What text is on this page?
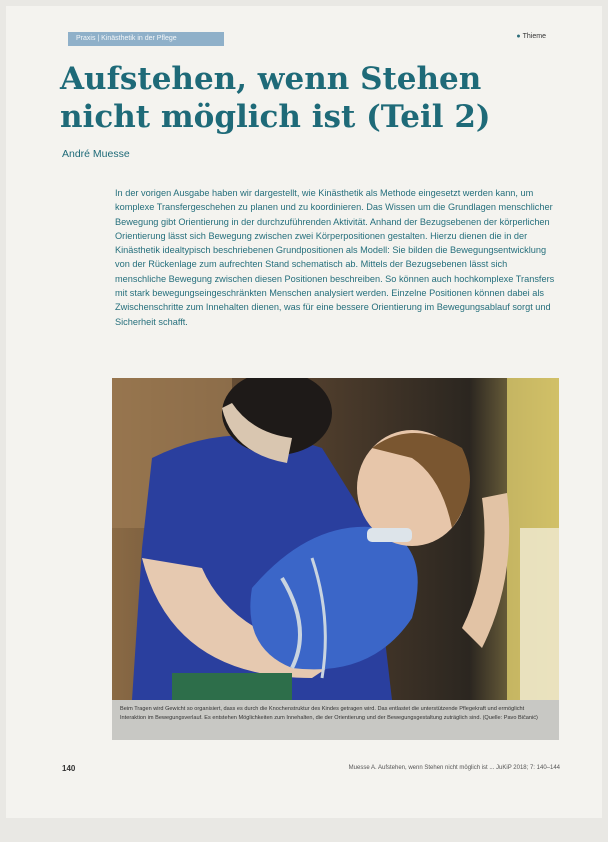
Praxis | Kinästhetik in der Pflege	● Thieme
Aufstehen, wenn Stehen nicht möglich ist (Teil 2)
André Muesse

In der vorigen Ausgabe haben wir dargestellt, wie Kinästhetik als Methode eingesetzt werden kann, um komplexe Transfergeschehen zu planen und zu koordinieren. Das Wissen um die Grundlagen menschlicher Bewegung gibt Orientierung in der durchzuführenden Aktivität. Anhand der Bezugsebenen der körperlichen Orientierung lässt sich Bewegung zwischen zwei Körperpositionen gestalten. Hierzu dienen die in der Kinästhetik idealtypisch beschriebenen Grundpositionen als Modell: Sie bilden die Bewegungsentwicklung von der Rückenlage zum aufrechten Stand schematisch ab. Mittels der Bezugsebenen lässt sich menschliche Bewegung zwischen diesen Positionen beschreiben. So können auch hochkomplexe Transfers mit stark bewegungseingeschränkten Menschen analysiert werden. Einzelne Positionen können dabei als Zwischenschritte zum Innehalten dienen, was für eine bessere Orientierung im Bewegungsablauf sorgt und Sicherheit schafft.

Beim Tragen wird Gewicht so organisiert, dass es durch die Knochenstruktur des Kindes getragen wird. Das entlastet die unterstützende Pflegekraft und ermöglicht Interaktion im Bewegungsverlauf. Es entstehen Möglichkeiten zum Innehalten, die der Orientierung und der Bewegungsgestaltung zuträglich sind. (Quelle: Pavo Bičanić)
140	Muesse A. Aufstehen, wenn Stehen nicht möglich ist ... JuKiP 2018; 7: 140–144
